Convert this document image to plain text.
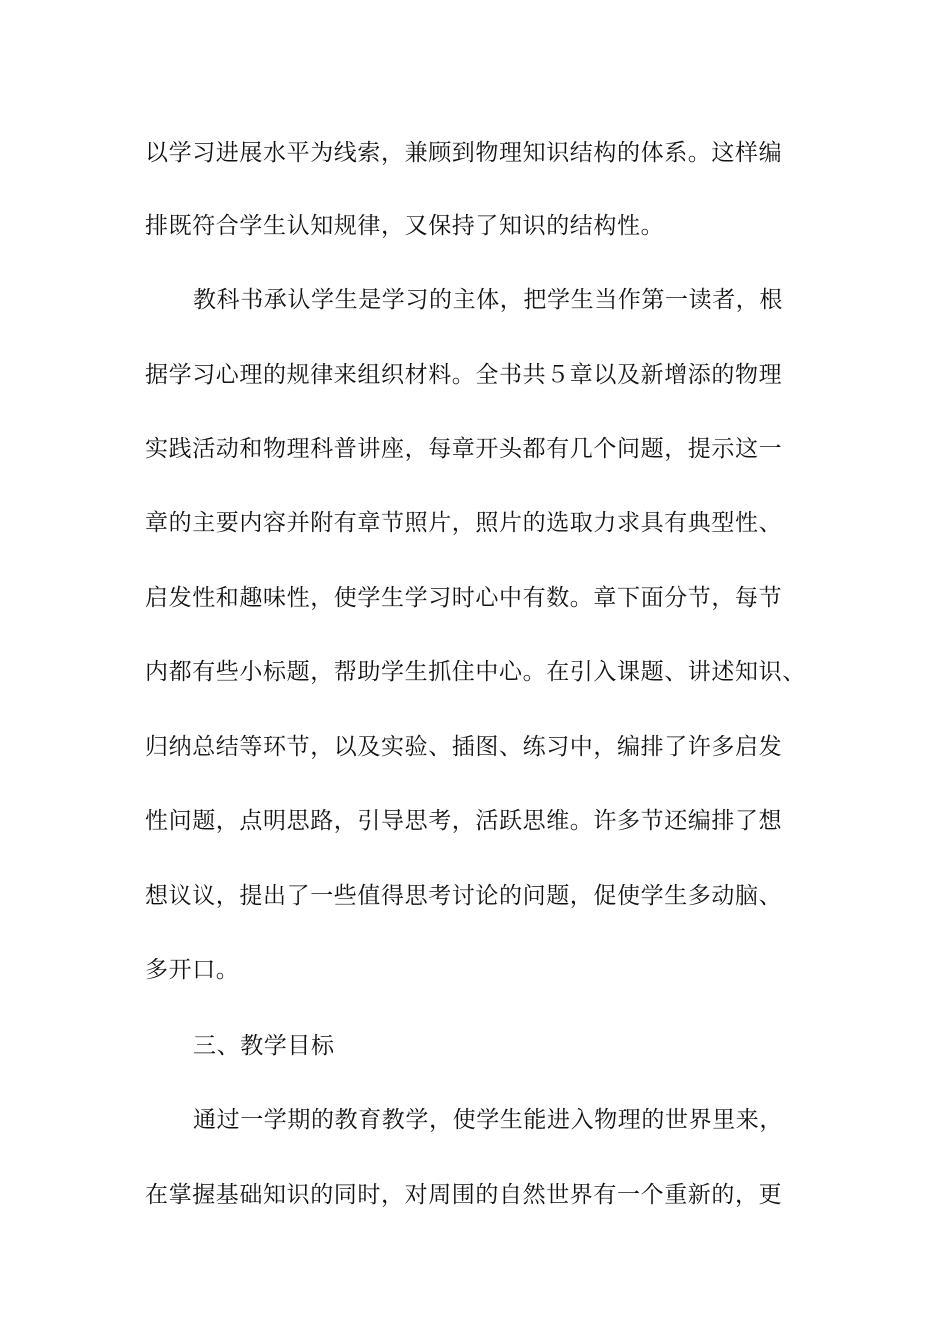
以学习进展水平为线索，兼顾到物理知识结构的体系。这样编

排既符合学生认知规律，又保持了知识的结构性。

教科书承认学生是学习的主体，把学生当作第一读者，根

据学习心理的规律来组织材料。全书共５章以及新增添的物理

实践活动和物理科普讲座，每章开头都有几个问题，提示这一

章的主要内容并附有章节照片，照片的选取力求具有典型性、

启发性和趣味性，使学生学习时心中有数。章下面分节，每节

内都有些小标题，帮助学生抓住中心。在引入课题、讲述知识、

归纳总结等环节，以及实验、插图、练习中，编排了许多启发

性问题，点明思路，引导思考，活跃思维。许多节还编排了想

想议议，提出了一些值得思考讨论的问题，促使学生多动脑、

多开口。

三、教学目标

通过一学期的教育教学，使学生能进入物理的世界里来，

在掌握基础知识的同时，对周围的自然世界有一个重新的，更
